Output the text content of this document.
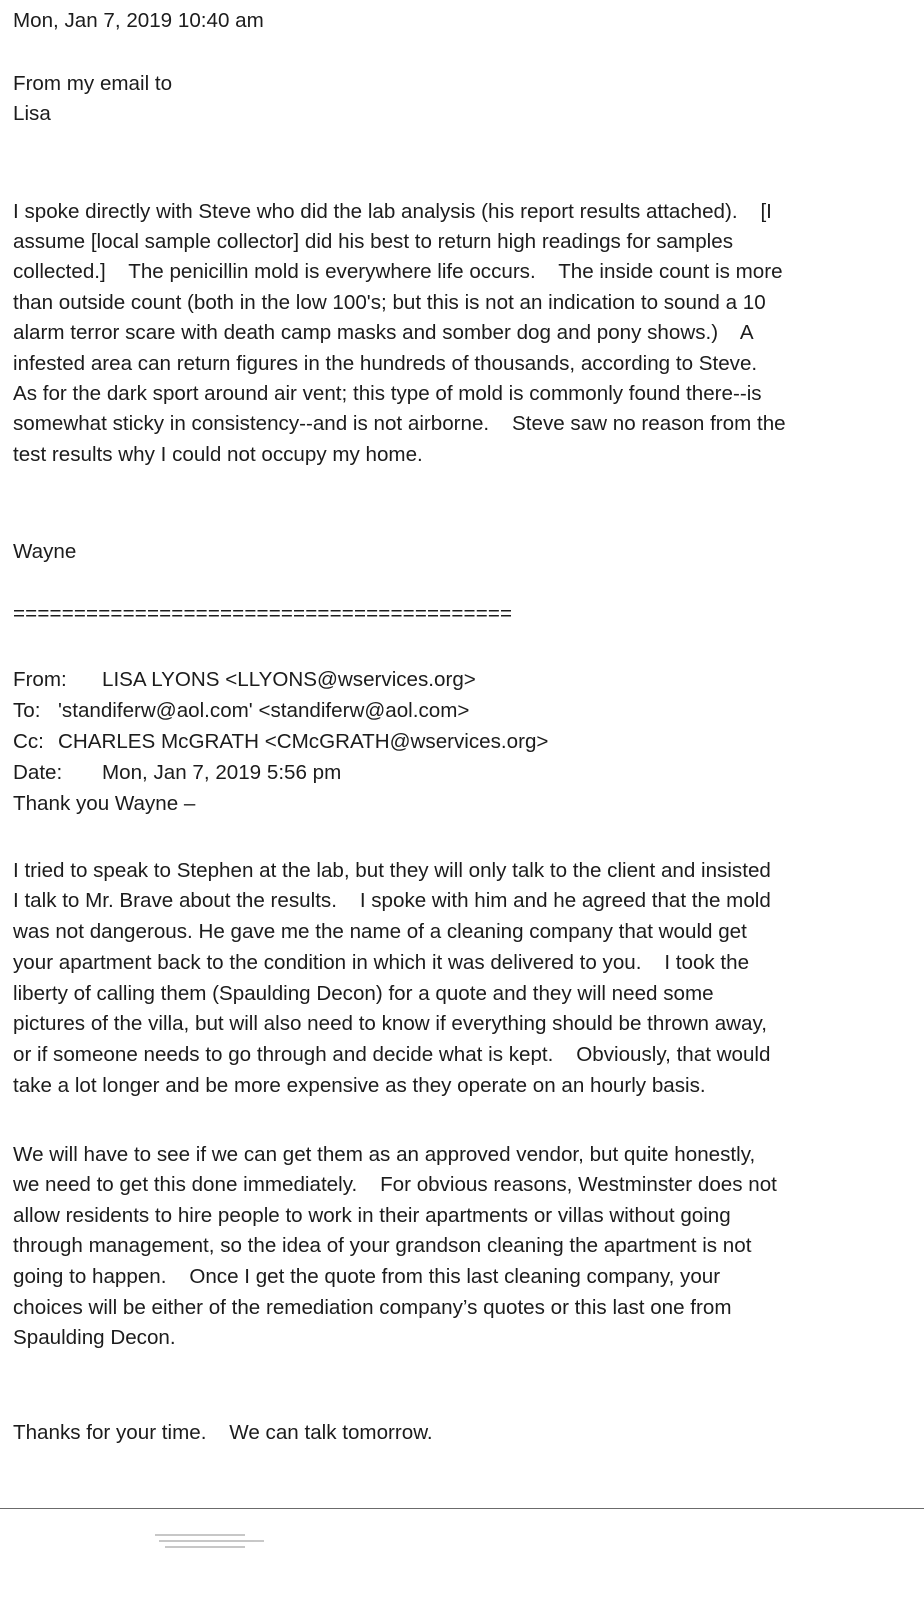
Mon, Jan 7, 2019 10:40 am

From my email to

Lisa

I spoke directly with Steve who did the lab analysis (his report results attached).    [I

assume [local sample collector] did his best to return high readings for samples

collected.]    The penicillin mold is everywhere life occurs.    The inside count is more

than outside count (both in the low 100's; but this is not an indication to sound a 10

alarm terror scare with death camp masks and somber dog and pony shows.)    A

infested area can return figures in the hundreds of thousands, according to Steve.

As for the dark sport around air vent; this type of mold is commonly found there--is

somewhat sticky in consistency--and is not airborne.    Steve saw no reason from the

test results why I could not occupy my home.

Wayne

=========================================

From: LISA LYONS <LLYONS@wservices.org>

To: 'standiferw@aol.com' <standiferw@aol.com>

Cc: CHARLES McGRATH <CMcGRATH@wservices.org>

Date: Mon, Jan 7, 2019 5:56 pm

Thank you Wayne –

I tried to speak to Stephen at the lab, but they will only talk to the client and insisted

I talk to Mr. Brave about the results.    I spoke with him and he agreed that the mold

was not dangerous. He gave me the name of a cleaning company that would get

your apartment back to the condition in which it was delivered to you.    I took the

liberty of calling them (Spaulding Decon) for a quote and they will need some

pictures of the villa, but will also need to know if everything should be thrown away,

or if someone needs to go through and decide what is kept.    Obviously, that would

take a lot longer and be more expensive as they operate on an hourly basis.

We will have to see if we can get them as an approved vendor, but quite honestly,

we need to get this done immediately.    For obvious reasons, Westminster does not

allow residents to hire people to work in their apartments or villas without going

through management, so the idea of your grandson cleaning the apartment is not

going to happen.    Once I get the quote from this last cleaning company, your

choices will be either of the remediation company’s quotes or this last one from

Spaulding Decon.

Thanks for your time.    We can talk tomorrow.
